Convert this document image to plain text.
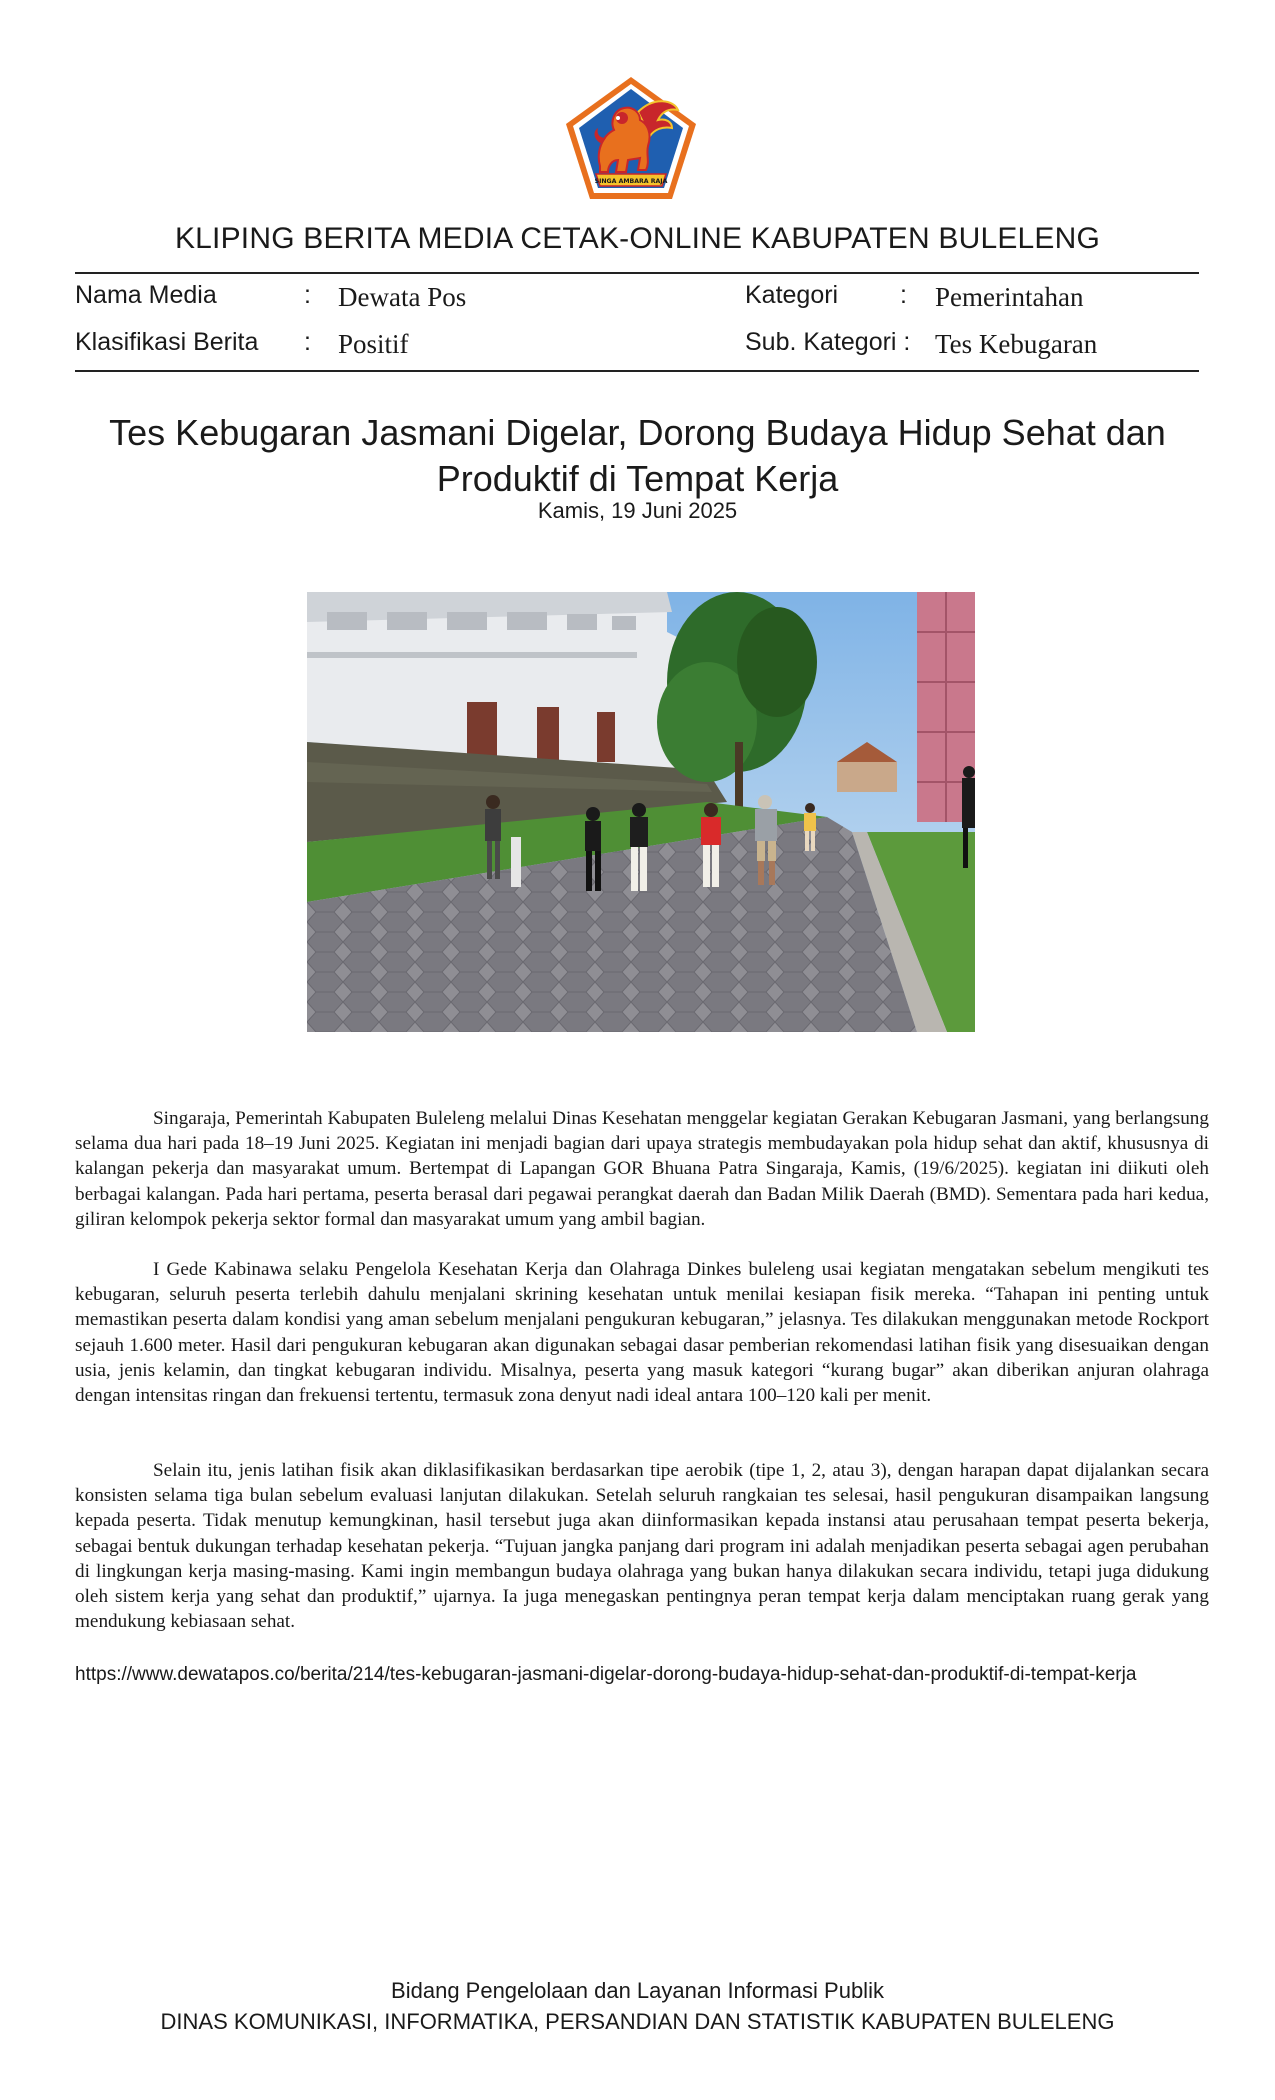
SINGA AMBARA RAJA
KLIPING BERITA MEDIA CETAK-ONLINE KABUPATEN BULELENG
Nama Media	: Dewata Pos	Kategori : Pemerintahan
Klasifikasi Berita : Positif	Sub. Kategori : Tes Kebugaran
Tes Kebugaran Jasmani Digelar, Dorong Budaya Hidup Sehat dan
Produktif di Tempat Kerja
Kamis, 19 Juni 2025

Singaraja, Pemerintah Kabupaten Buleleng melalui Dinas Kesehatan menggelar kegiatan Gerakan Kebugaran Jasmani, yang berlangsung selama dua hari pada 18–19 Juni 2025. Kegiatan ini menjadi bagian dari upaya strategis membudayakan pola hidup sehat dan aktif, khususnya di kalangan pekerja dan masyarakat umum. Bertempat di Lapangan GOR Bhuana Patra Singaraja, Kamis, (19/6/2025). kegiatan ini diikuti oleh berbagai kalangan. Pada hari pertama, peserta berasal dari pegawai perangkat daerah dan Badan Milik Daerah (BMD). Sementara pada hari kedua, giliran kelompok pekerja sektor formal dan masyarakat umum yang ambil bagian.

I Gede Kabinawa selaku Pengelola Kesehatan Kerja dan Olahraga Dinkes buleleng usai kegiatan mengatakan sebelum mengikuti tes kebugaran, seluruh peserta terlebih dahulu menjalani skrining kesehatan untuk menilai kesiapan fisik mereka. “Tahapan ini penting untuk memastikan peserta dalam kondisi yang aman sebelum menjalani pengukuran kebugaran,” jelasnya. Tes dilakukan menggunakan metode Rockport sejauh 1.600 meter. Hasil dari pengukuran kebugaran akan digunakan sebagai dasar pemberian rekomendasi latihan fisik yang disesuaikan dengan usia, jenis kelamin, dan tingkat kebugaran individu. Misalnya, peserta yang masuk kategori “kurang bugar” akan diberikan anjuran olahraga dengan intensitas ringan dan frekuensi tertentu, termasuk zona denyut nadi ideal antara 100–120 kali per menit.

Selain itu, jenis latihan fisik akan diklasifikasikan berdasarkan tipe aerobik (tipe 1, 2, atau 3), dengan harapan dapat dijalankan secara konsisten selama tiga bulan sebelum evaluasi lanjutan dilakukan. Setelah seluruh rangkaian tes selesai, hasil pengukuran disampaikan langsung kepada peserta. Tidak menutup kemungkinan, hasil tersebut juga akan diinformasikan kepada instansi atau perusahaan tempat peserta bekerja, sebagai bentuk dukungan terhadap kesehatan pekerja. “Tujuan jangka panjang dari program ini adalah menjadikan peserta sebagai agen perubahan di lingkungan kerja masing-masing. Kami ingin membangun budaya olahraga yang bukan hanya dilakukan secara individu, tetapi juga didukung oleh sistem kerja yang sehat dan produktif,” ujarnya. Ia juga menegaskan pentingnya peran tempat kerja dalam menciptakan ruang gerak yang mendukung kebiasaan sehat.

https://www.dewatapos.co/berita/214/tes-kebugaran-jasmani-digelar-dorong-budaya-hidup-sehat-dan-produktif-di-tempat-kerja
Bidang Pengelolaan dan Layanan Informasi Publik
DINAS KOMUNIKASI, INFORMATIKA, PERSANDIAN DAN STATISTIK KABUPATEN BULELENG
